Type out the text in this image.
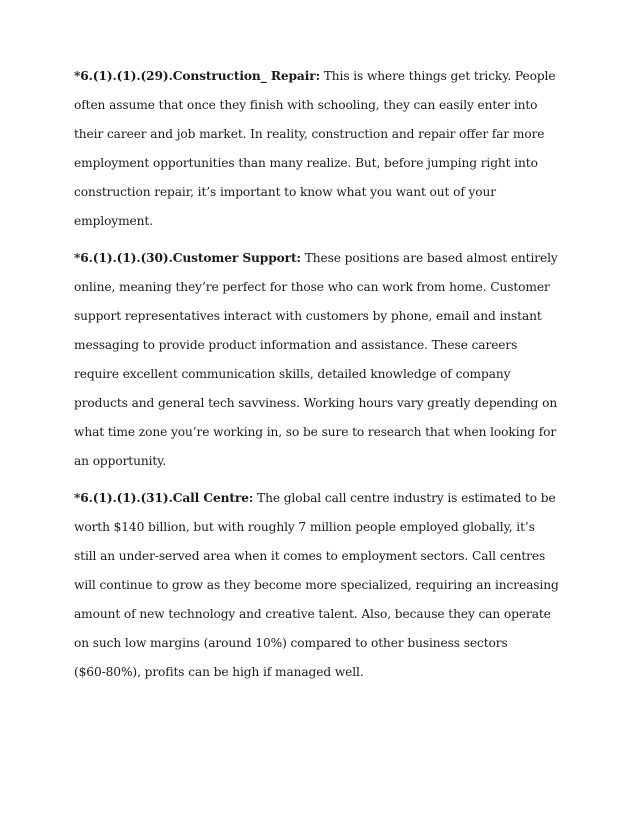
*6.(1).(1).(29).Construction_ Repair: This is where things get tricky. People
often assume that once they finish with schooling, they can easily enter into
their career and job market. In reality, construction and repair offer far more
employment opportunities than many realize. But, before jumping right into
construction repair, it’s important to know what you want out of your
employment.

*6.(1).(1).(30).Customer Support: These positions are based almost entirely
online, meaning they’re perfect for those who can work from home. Customer
support representatives interact with customers by phone, email and instant
messaging to provide product information and assistance. These careers
require excellent communication skills, detailed knowledge of company
products and general tech savviness. Working hours vary greatly depending on
what time zone you’re working in, so be sure to research that when looking for
an opportunity.

*6.(1).(1).(31).Call Centre: The global call centre industry is estimated to be
worth $140 billion, but with roughly 7 million people employed globally, it’s
still an under-served area when it comes to employment sectors. Call centres
will continue to grow as they become more specialized, requiring an increasing
amount of new technology and creative talent. Also, because they can operate
on such low margins (around 10%) compared to other business sectors
($60-80%), profits can be high if managed well.
